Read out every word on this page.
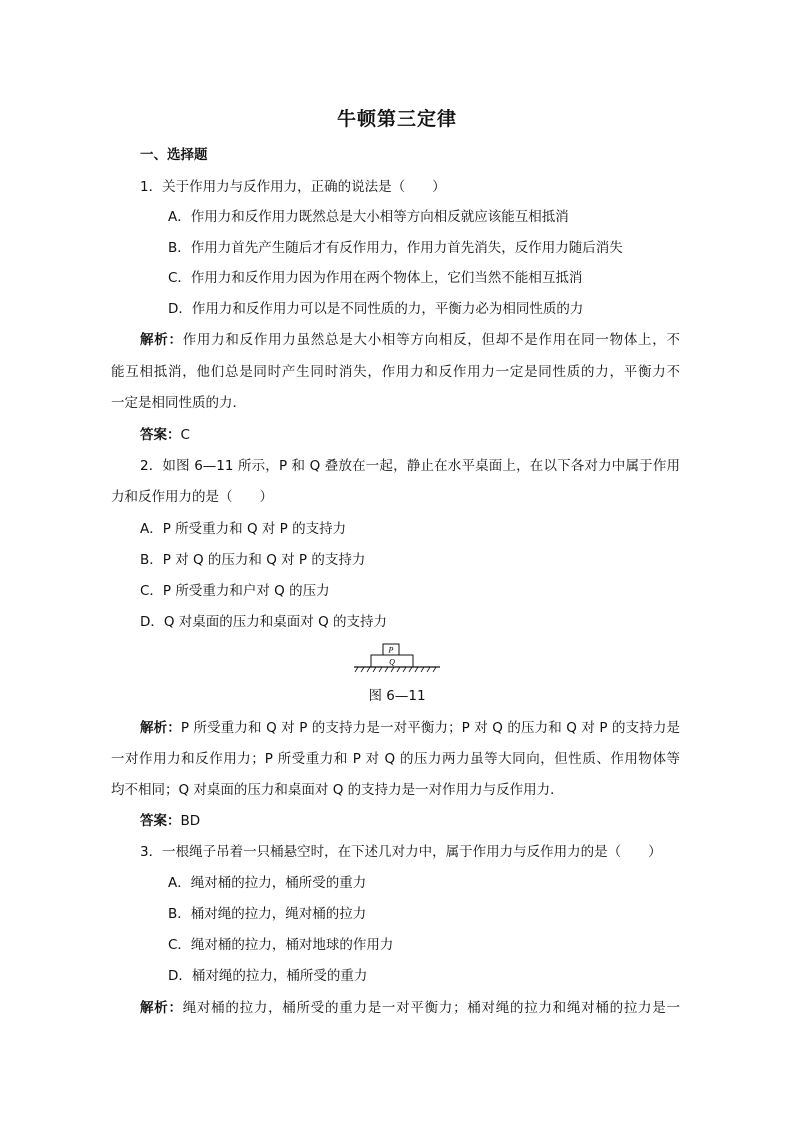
牛顿第三定律
一、选择题
1．关于作用力与反作用力，正确的说法是（　　）
A．作用力和反作用力既然总是大小相等方向相反就应该能互相抵消
B．作用力首先产生随后才有反作用力，作用力首先消失，反作用力随后消失
C．作用力和反作用力因为作用在两个物体上，它们当然不能相互抵消
D．作用力和反作用力可以是不同性质的力，平衡力必为相同性质的力
解析：作用力和反作用力虽然总是大小相等方向相反，但却不是作用在同一物体上，不
能互相抵消，他们总是同时产生同时消失，作用力和反作用力一定是同性质的力，平衡力不
一定是相同性质的力．
答案：C
2．如图 6—11 所示，P 和 Q 叠放在一起，静止在水平桌面上，在以下各对力中属于作用
力和反作用力的是（　　）
A．P 所受重力和 Q 对 P 的支持力
B．P 对 Q 的压力和 Q 对 P 的支持力
C．P 所受重力和户对 Q 的压力
D．Q 对桌面的压力和桌面对 Q 的支持力
P
Q
图 6—11
解析：P 所受重力和 Q 对 P 的支持力是一对平衡力；P 对 Q 的压力和 Q 对 P 的支持力是
一对作用力和反作用力；P 所受重力和 P 对 Q 的压力两力虽等大同向，但性质、作用物体等
均不相同；Q 对桌面的压力和桌面对 Q 的支持力是一对作用力与反作用力．
答案：BD
3．一根绳子吊着一只桶悬空时，在下述几对力中，属于作用力与反作用力的是（　　）
A．绳对桶的拉力，桶所受的重力
B．桶对绳的拉力，绳对桶的拉力
C．绳对桶的拉力，桶对地球的作用力
D．桶对绳的拉力，桶所受的重力
解析：绳对桶的拉力，桶所受的重力是一对平衡力；桶对绳的拉力和绳对桶的拉力是一
